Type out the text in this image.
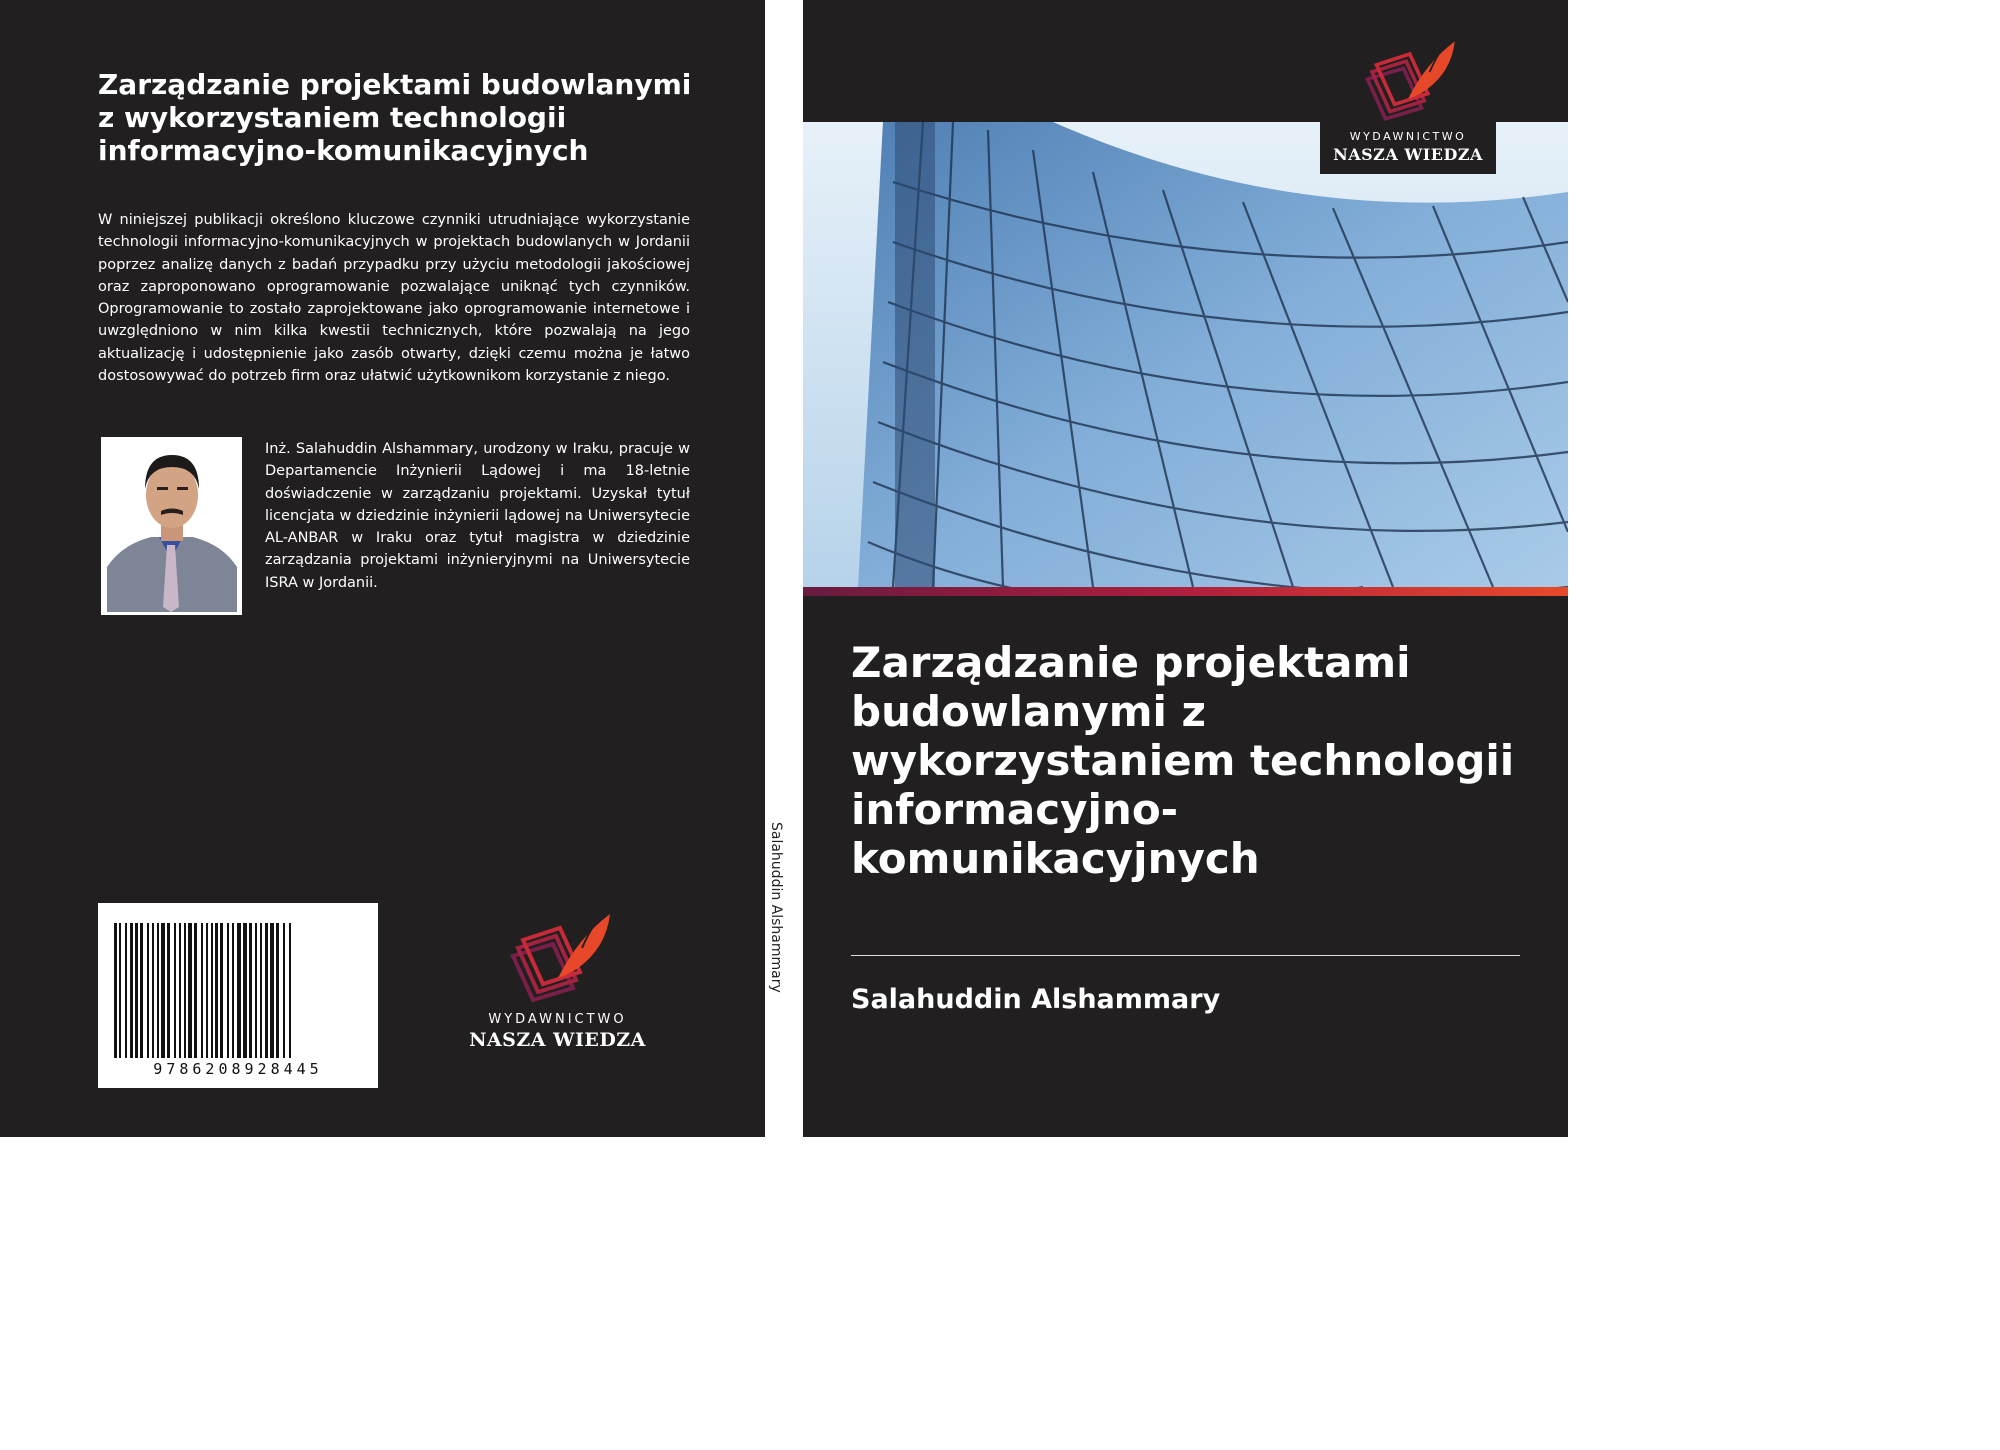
Zarządzanie projektami budowlanymi z wykorzystaniem technologii informacyjno-komunikacyjnych
W niniejszej publikacji określono kluczowe czynniki utrudniające wykorzystanie technologii informacyjno-komunikacyjnych w projektach budowlanych w Jordanii poprzez analizę danych z badań przypadku przy użyciu metodologii jakościowej oraz zaproponowano oprogramowanie pozwalające uniknąć tych czynników. Oprogramowanie to zostało zaprojektowane jako oprogramowanie internetowe i uwzględniono w nim kilka kwestii technicznych, które pozwalają na jego aktualizację i udostępnienie jako zasób otwarty, dzięki czemu można je łatwo dostosowywać do potrzeb firm oraz ułatwić użytkownikom korzystanie z niego.
Inż. Salahuddin Alshammary, urodzony w Iraku, pracuje w Departamencie Inżynierii Lądowej i ma 18-letnie doświadczenie w zarządzaniu projektami. Uzyskał tytuł licencjata w dziedzinie inżynierii lądowej na Uniwersytecie AL-ANBAR w Iraku oraz tytuł magistra w dziedzinie zarządzania projektami inżynieryjnymi na Uniwersytecie ISRA w Jordanii.
9786208928445
WYDAWNICTWO
NASZA WIEDZA
Salahuddin Alshammary
WYDAWNICTWO
NASZA WIEDZA
Zarządzanie projektami budowlanymi z wykorzystaniem technologii informacyjno-komunikacyjnych
Salahuddin Alshammary
